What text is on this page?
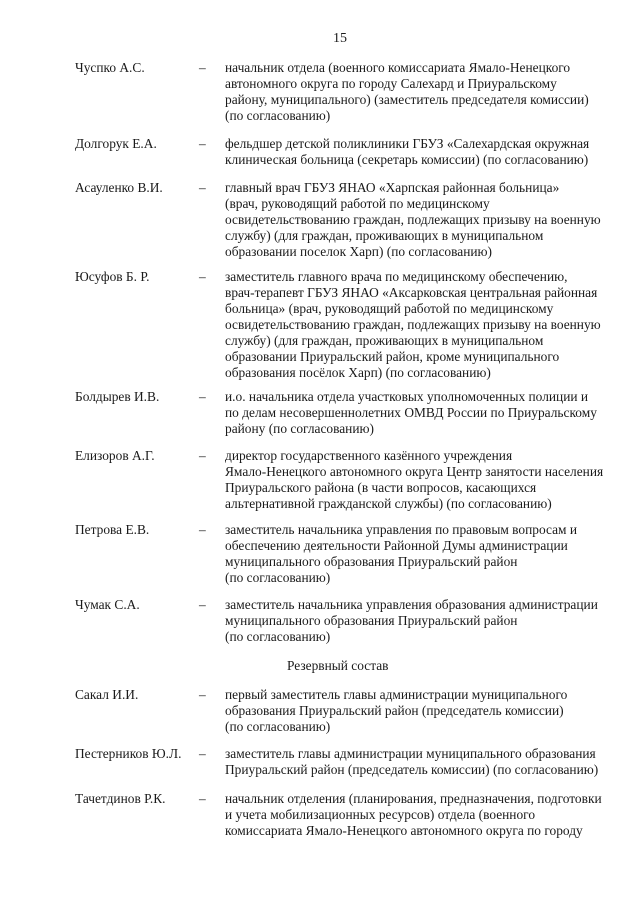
15
Чуспко А.С.	– начальник отдела (военного комиссариата Ямало-Ненецкого
автономного округа по городу Салехард и Приуральскому
району, муниципального) (заместитель председателя комиссии)
(по согласованию)
Долгорук Е.А.	– фельдшер детской поликлиники ГБУЗ «Салехардская окружная
клиническая больница (секретарь комиссии) (по согласованию)
Асауленко В.И.	– главный врач ГБУЗ ЯНАО «Харпская районная больница»
(врач, руководящий работой по медицинскому
освидетельствованию граждан, подлежащих призыву на военную
службу) (для граждан, проживающих в муниципальном
образовании поселок Харп) (по согласованию)
Юсуфов Б. Р.	– заместитель главного врача по медицинскому обеспечению,
врач-терапевт ГБУЗ ЯНАО «Аксарковская центральная районная
больница» (врач, руководящий работой по медицинскому
освидетельствованию граждан, подлежащих призыву на военную
службу) (для граждан, проживающих в муниципальном
образовании Приуральский район, кроме муниципального
образования посёлок Харп) (по согласованию)
Болдырев И.В.	– и.о. начальника отдела участковых уполномоченных полиции и
по делам несовершеннолетних ОМВД России по Приуральскому
району (по согласованию)
Елизоров А.Г.	– директор государственного казённого учреждения
Ямало-Ненецкого автономного округа Центр занятости населения
Приуральского района (в части вопросов, касающихся
альтернативной гражданской службы) (по согласованию)
Петрова Е.В.	– заместитель начальника управления по правовым вопросам и
обеспечению деятельности Районной Думы администрации
муниципального образования Приуральский район
(по согласованию)
Чумак С.А.	– заместитель начальника управления образования администрации
муниципального образования Приуральский район
(по согласованию)
Резервный состав
Сакал И.И.	– первый заместитель главы администрации муниципального
образования Приуральский район (председатель комиссии)
(по согласованию)
Пестерников Ю.Л. – заместитель главы администрации муниципального образования
Приуральский район (председатель комиссии) (по согласованию)
Тачетдинов Р.К. – начальник отделения (планирования, предназначения, подготовки
и учета мобилизационных ресурсов) отдела (военного
комиссариата Ямало-Ненецкого автономного округа по городу
